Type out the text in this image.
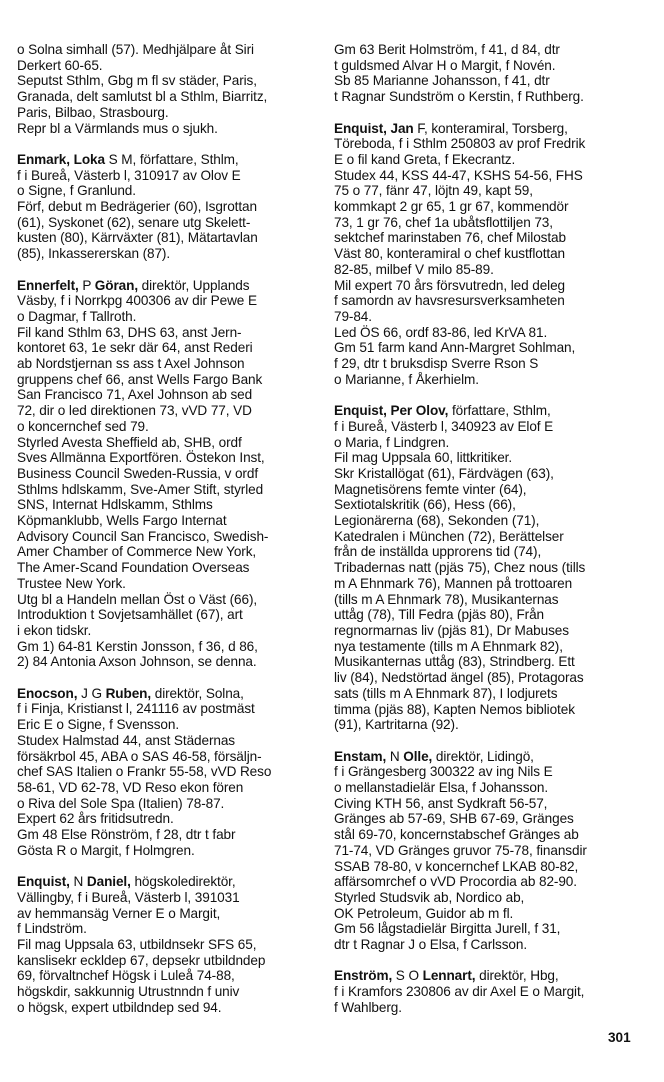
o Solna simhall (57). Medhjälpare åt Siri
Derkert 60-65.
Seputst Sthlm, Gbg m fl sv städer, Paris,
Granada, delt samlutst bl a Sthlm, Biarritz,
Paris, Bilbao, Strasbourg.
Repr bl a Värmlands mus o sjukh.
Enmark, Loka S M, författare, Sthlm,
f i Bureå, Västerb l, 310917 av Olov E
o Signe, f Granlund.
Förf, debut m Bedrägerier (60), Isgrottan
(61), Syskonet (62), senare utg Skelett-
kusten (80), Kärrväxter (81), Mätartavlan
(85), Inkassererskan (87).
Ennerfelt, P Göran, direktör, Upplands
Väsby, f i Norrkpg 400306 av dir Pewe E
o Dagmar, f Tallroth.
Fil kand Sthlm 63, DHS 63, anst Jern-
kontoret 63, 1e sekr där 64, anst Rederi
ab Nordstjernan ss ass t Axel Johnson
gruppens chef 66, anst Wells Fargo Bank
San Francisco 71, Axel Johnson ab sed
72, dir o led direktionen 73, vVD 77, VD
o koncernchef sed 79.
Styrled Avesta Sheffield ab, SHB, ordf
Sves Allmänna Exportfören. Östekon Inst,
Business Council Sweden-Russia, v ordf
Sthlms hdlskamm, Sve-Amer Stift, styrled
SNS, Internat Hdlskamm, Sthlms
Köpmanklubb, Wells Fargo Internat
Advisory Council San Francisco, Swedish-
Amer Chamber of Commerce New York,
The Amer-Scand Foundation Overseas
Trustee New York.
Utg bl a Handeln mellan Öst o Väst (66),
Introduktion t Sovjetsamhället (67), art
i ekon tidskr.
Gm 1) 64-81 Kerstin Jonsson, f 36, d 86,
2) 84 Antonia Axson Johnson, se denna.
Enocson, J G Ruben, direktör, Solna,
f i Finja, Kristianst l, 241116 av postmäst
Eric E o Signe, f Svensson.
Studex Halmstad 44, anst Städernas
försäkrbol 45, ABA o SAS 46-58, försäljn-
chef SAS Italien o Frankr 55-58, vVD Reso
58-61, VD 62-78, VD Reso ekon fören
o Riva del Sole Spa (Italien) 78-87.
Expert 62 års fritidsutredn.
Gm 48 Else Rönström, f 28, dtr t fabr
Gösta R o Margit, f Holmgren.
Enquist, N Daniel, högskoledirektör,
Vällingby, f i Bureå, Västerb l, 391031
av hemmansäg Verner E o Margit,
f Lindström.
Fil mag Uppsala 63, utbildnsekr SFS 65,
kanslisekr eckldep 67, depsekr utbildndep
69, förvaltnchef Högsk i Luleå 74-88,
högskdir, sakkunnig Utrustnndn f univ
o högsk, expert utbildndep sed 94.
Gm 63 Berit Holmström, f 41, d 84, dtr
t guldsmed Alvar H o Margit, f Novén.
Sb 85 Marianne Johansson, f 41, dtr
t Ragnar Sundström o Kerstin, f Ruthberg.
Enquist, Jan F, konteramiral, Torsberg,
Töreboda, f i Sthlm 250803 av prof Fredrik
E o fil kand Greta, f Ekecrantz.
Studex 44, KSS 44-47, KSHS 54-56, FHS
75 o 77, fänr 47, löjtn 49, kapt 59,
kommkapt 2 gr 65, 1 gr 67, kommendör
73, 1 gr 76, chef 1a ubåtsflottiljen 73,
sektchef marinstaben 76, chef Milostab
Väst 80, konteramiral o chef kustflottan
82-85, milbef V milo 85-89.
Mil expert 70 års försvutredn, led deleg
f samordn av havsresursverksamheten
79-84.
Led ÖS 66, ordf 83-86, led KrVA 81.
Gm 51 farm kand Ann-Margret Sohlman,
f 29, dtr t bruksdisp Sverre Rson S
o Marianne, f Åkerhielm.
Enquist, Per Olov, författare, Sthlm,
f i Bureå, Västerb l, 340923 av Elof E
o Maria, f Lindgren.
Fil mag Uppsala 60, littkritiker.
Skr Kristallögat (61), Färdvägen (63),
Magnetisörens femte vinter (64),
Sextiotalskritik (66), Hess (66),
Legionärerna (68), Sekonden (71),
Katedralen i München (72), Berättelser
från de inställda upprorens tid (74),
Tribadernas natt (pjäs 75), Chez nous (tills
m A Ehnmark 76), Mannen på trottoaren
(tills m A Ehnmark 78), Musikanternas
uttåg (78), Till Fedra (pjäs 80), Från
regnormarnas liv (pjäs 81), Dr Mabuses
nya testamente (tills m A Ehnmark 82),
Musikanternas uttåg (83), Strindberg. Ett
liv (84), Nedstörtad ängel (85), Protagoras
sats (tills m A Ehnmark 87), I lodjurets
timma (pjäs 88), Kapten Nemos bibliotek
(91), Kartritarna (92).
Enstam, N Olle, direktör, Lidingö,
f i Grängesberg 300322 av ing Nils E
o mellanstadielär Elsa, f Johansson.
Civing KTH 56, anst Sydkraft 56-57,
Gränges ab 57-69, SHB 67-69, Gränges
stål 69-70, koncernstabschef Gränges ab
71-74, VD Gränges gruvor 75-78, finansdir
SSAB 78-80, v koncernchef LKAB 80-82,
affärsomrchef o vVD Procordia ab 82-90.
Styrled Studsvik ab, Nordico ab,
OK Petroleum, Guidor ab m fl.
Gm 56 lågstadielär Birgitta Jurell, f 31,
dtr t Ragnar J o Elsa, f Carlsson.
Enström, S O Lennart, direktör, Hbg,
f i Kramfors 230806 av dir Axel E o Margit,
f Wahlberg.
301
